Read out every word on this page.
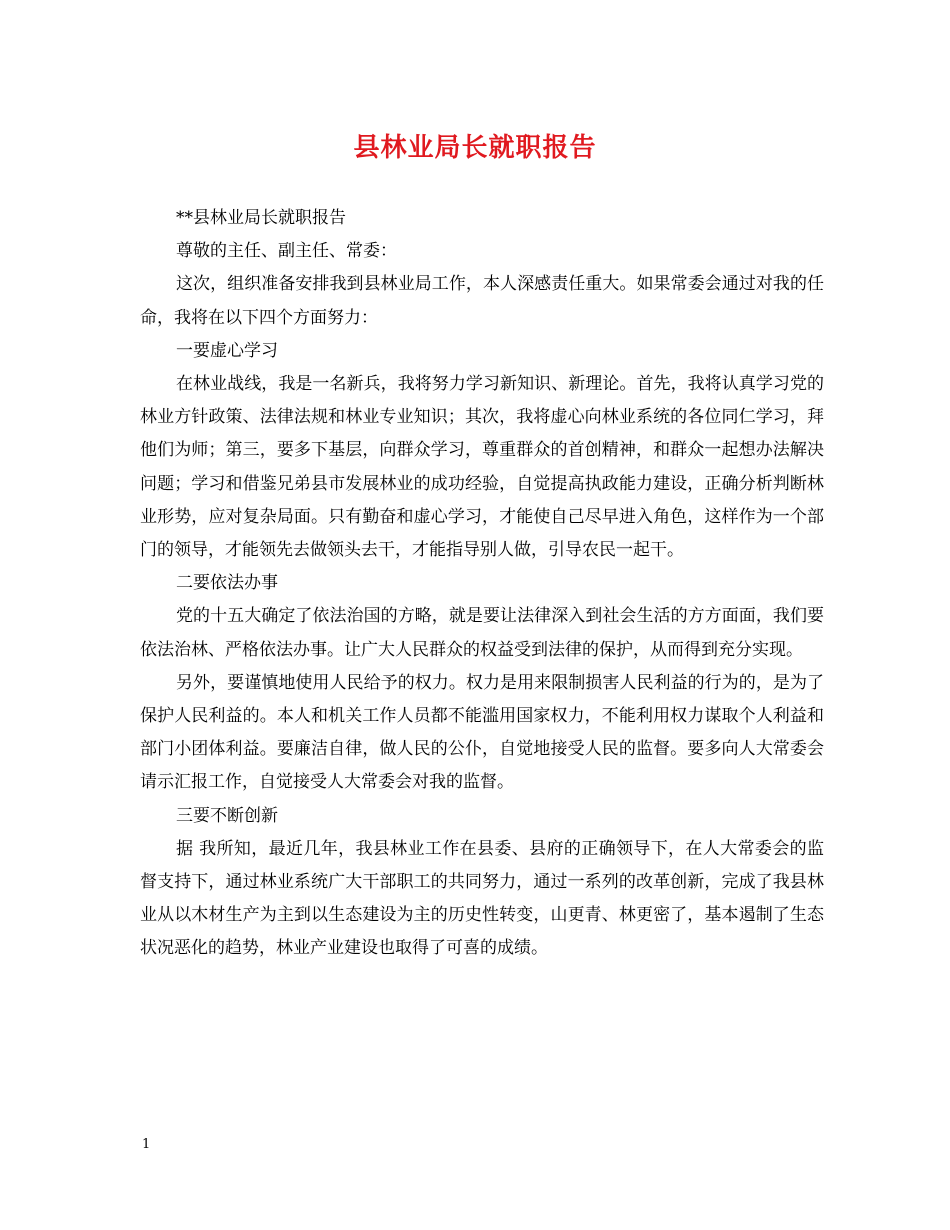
县林业局长就职报告

**县林业局长就职报告

尊敬的主任、副主任、常委：

这次，组织准备安排我到县林业局工作，本人深感责任重大。如果常委会通过对我的任命，我将在以下四个方面努力：

一要虚心学习

在林业战线，我是一名新兵，我将努力学习新知识、新理论。首先，我将认真学习党的林业方针政策、法律法规和林业专业知识；其次，我将虚心向林业系统的各位同仁学习，拜他们为师；第三，要多下基层，向群众学习，尊重群众的首创精神，和群众一起想办法解决问题；学习和借鉴兄弟县市发展林业的成功经验，自觉提高执政能力建设，正确分析判断林业形势，应对复杂局面。只有勤奋和虚心学习，才能使自己尽早进入角色，这样作为一个部门的领导，才能领先去做领头去干，才能指导别人做，引导农民一起干。

二要依法办事

党的十五大确定了依法治国的方略，就是要让法律深入到社会生活的方方面面，我们要依法治林、严格依法办事。让广大人民群众的权益受到法律的保护，从而得到充分实现。

另外，要谨慎地使用人民给予的权力。权力是用来限制损害人民利益的行为的，是为了保护人民利益的。本人和机关工作人员都不能滥用国家权力，不能利用权力谋取个人利益和部门小团体利益。要廉洁自律，做人民的公仆，自觉地接受人民的监督。要多向人大常委会请示汇报工作，自觉接受人大常委会对我的监督。

三要不断创新

据 我所知，最近几年，我县林业工作在县委、县府的正确领导下，在人大常委会的监督支持下，通过林业系统广大干部职工的共同努力，通过一系列的改革创新，完成了我县林业从以木材生产为主到以生态建设为主的历史性转变，山更青、林更密了，基本遏制了生态状况恶化的趋势，林业产业建设也取得了可喜的成绩。

1
